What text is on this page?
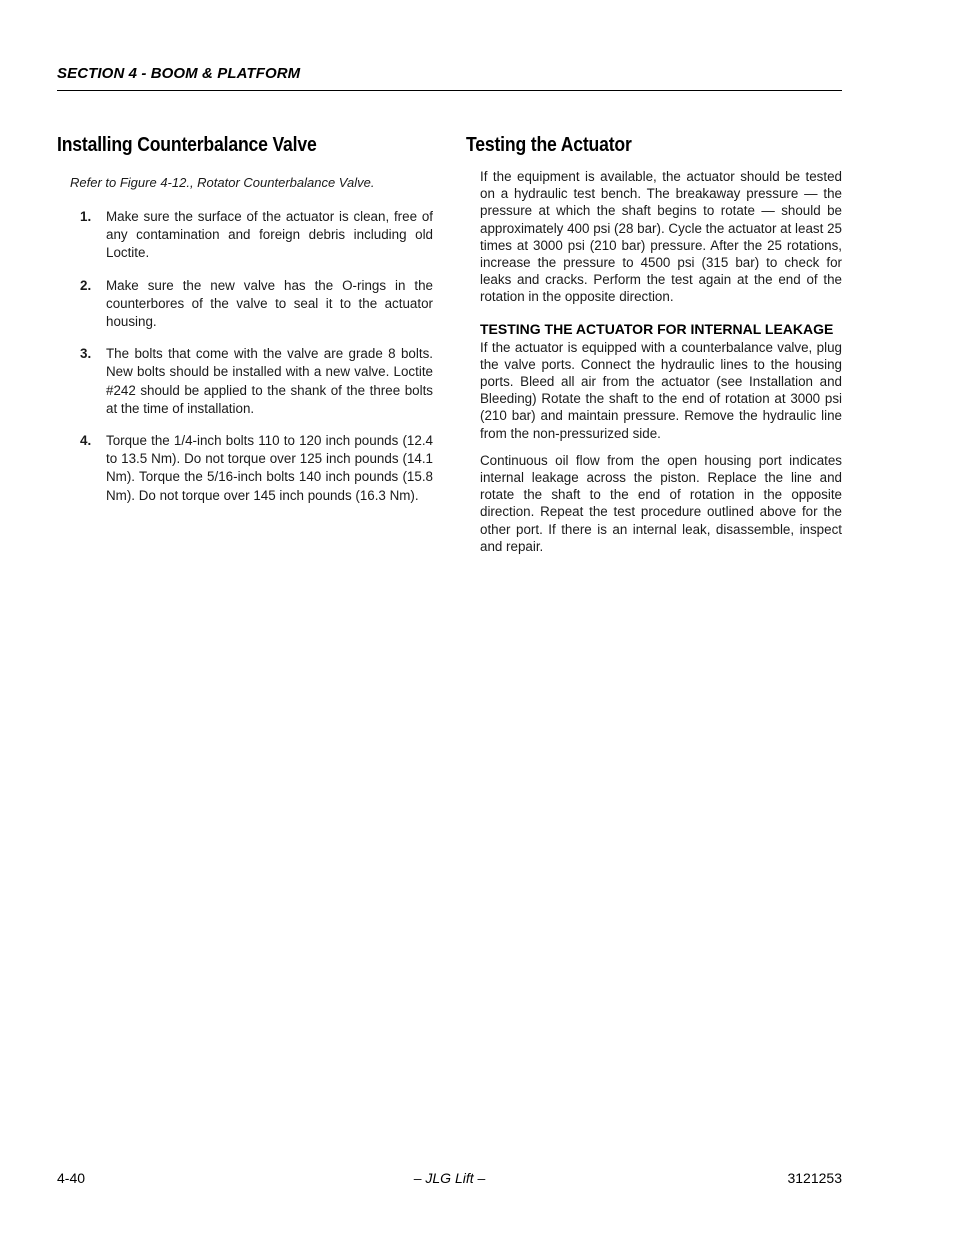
SECTION 4 - BOOM & PLATFORM
Installing Counterbalance Valve
Refer to Figure 4-12., Rotator Counterbalance Valve.
1. Make sure the surface of the actuator is clean, free of any contamination and foreign debris including old Loctite.
2. Make sure the new valve has the O-rings in the counterbores of the valve to seal it to the actuator housing.
3. The bolts that come with the valve are grade 8 bolts. New bolts should be installed with a new valve. Loctite #242 should be applied to the shank of the three bolts at the time of installation.
4. Torque the 1/4-inch bolts 110 to 120 inch pounds (12.4 to 13.5 Nm). Do not torque over 125 inch pounds (14.1 Nm). Torque the 5/16-inch bolts 140 inch pounds (15.8 Nm). Do not torque over 145 inch pounds (16.3 Nm).
Testing the Actuator

If the equipment is available, the actuator should be tested on a hydraulic test bench. The breakaway pressure — the pressure at which the shaft begins to rotate — should be approximately 400 psi (28 bar). Cycle the actuator at least 25 times at 3000 psi (210 bar) pressure. After the 25 rotations, increase the pressure to 4500 psi (315 bar) to check for leaks and cracks. Perform the test again at the end of the rotation in the opposite direction.

TESTING THE ACTUATOR FOR INTERNAL LEAKAGE

If the actuator is equipped with a counterbalance valve, plug the valve ports. Connect the hydraulic lines to the housing ports. Bleed all air from the actuator (see Installation and Bleeding) Rotate the shaft to the end of rotation at 3000 psi (210 bar) and maintain pressure. Remove the hydraulic line from the non-pressurized side.

Continuous oil flow from the open housing port indicates internal leakage across the piston. Replace the line and rotate the shaft to the end of rotation in the opposite direction. Repeat the test procedure outlined above for the other port. If there is an internal leak, disassemble, inspect and repair.

4-40	– JLG Lift –	3121253
